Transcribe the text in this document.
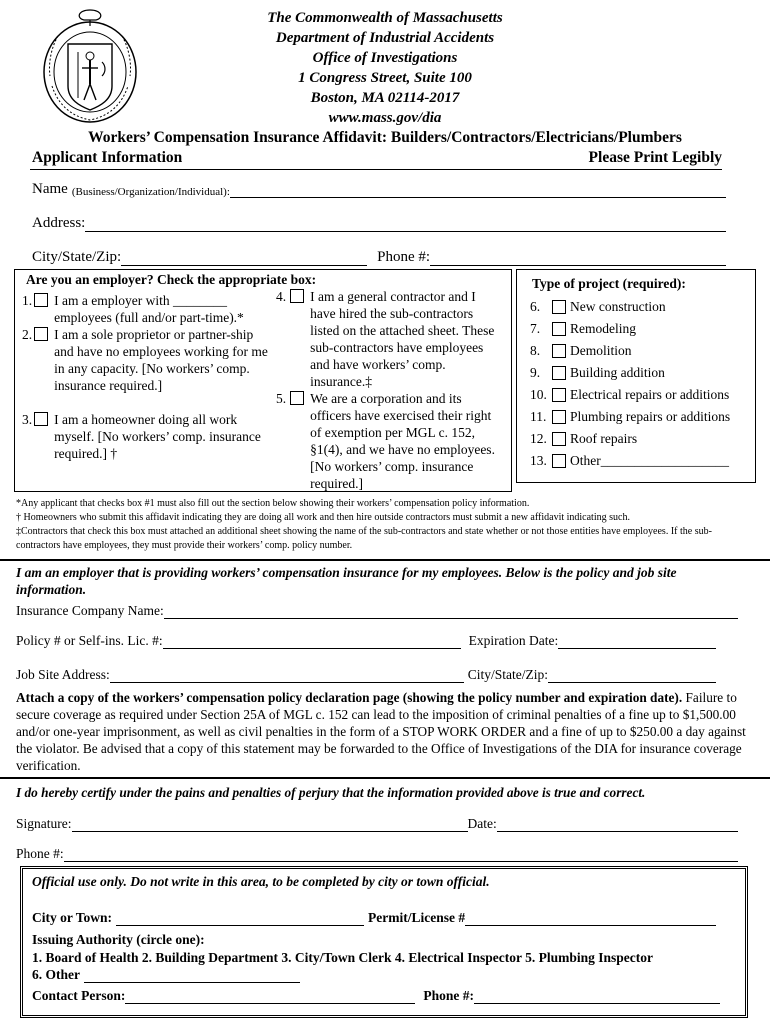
The Commonwealth of Massachusetts
Department of Industrial Accidents
Office of Investigations
1 Congress Street, Suite 100
Boston, MA 02114-2017
www.mass.gov/dia
Workers’ Compensation Insurance Affidavit: Builders/Contractors/Electricians/Plumbers
Applicant Information	Please Print Legibly
Name (Business/Organization/Individual):
Address:
City/State/Zip:	Phone #:
Are you an employer? Check the appropriate box:
1. I am a employer with ________ employees (full and/or part-time).*
2. I am a sole proprietor or partner-ship and have no employees working for me in any capacity. [No workers’ comp. insurance required.]
3. I am a homeowner doing all work myself. [No workers’ comp. insurance required.] †
4. I am a general contractor and I have hired the sub-contractors listed on the attached sheet. These sub-contractors have employees and have workers’ comp. insurance.‡
5. We are a corporation and its officers have exercised their right of exemption per MGL c. 152, §1(4), and we have no employees. [No workers’ comp. insurance required.]
Type of project (required):
6.	New construction
7.	Remodeling
8.	Demolition
9.	Building addition
10. Electrical repairs or additions
11. Plumbing repairs or additions
12. Roof repairs
13. Other___________________
*Any applicant that checks box #1 must also fill out the section below showing their workers’ compensation policy information.
† Homeowners who submit this affidavit indicating they are doing all work and then hire outside contractors must submit a new affidavit indicating such.
‡Contractors that check this box must attached an additional sheet showing the name of the sub-contractors and state whether or not those entities have employees. If the sub-contractors have employees, they must provide their workers’ comp. policy number.
I am an employer that is providing workers’ compensation insurance for my employees. Below is the policy and job site information.
Insurance Company Name:
Policy # or Self-ins. Lic. #:	Expiration Date:
Job Site Address:	City/State/Zip:
Attach a copy of the workers’ compensation policy declaration page (showing the policy number and expiration date). Failure to secure coverage as required under Section 25A of MGL c. 152 can lead to the imposition of criminal penalties of a fine up to $1,500.00 and/or one-year imprisonment, as well as civil penalties in the form of a STOP WORK ORDER and a fine of up to $250.00 a day against the violator. Be advised that a copy of this statement may be forwarded to the Office of Investigations of the DIA for insurance coverage verification.
I do hereby certify under the pains and penalties of perjury that the information provided above is true and correct.
Signature:	Date:
Phone #:
Official use only. Do not write in this area, to be completed by city or town official.
City or Town:	Permit/License #
Issuing Authority (circle one):
1. Board of Health 2. Building Department 3. City/Town Clerk 4. Electrical Inspector 5. Plumbing Inspector
6. Other
Contact Person:	Phone #:
